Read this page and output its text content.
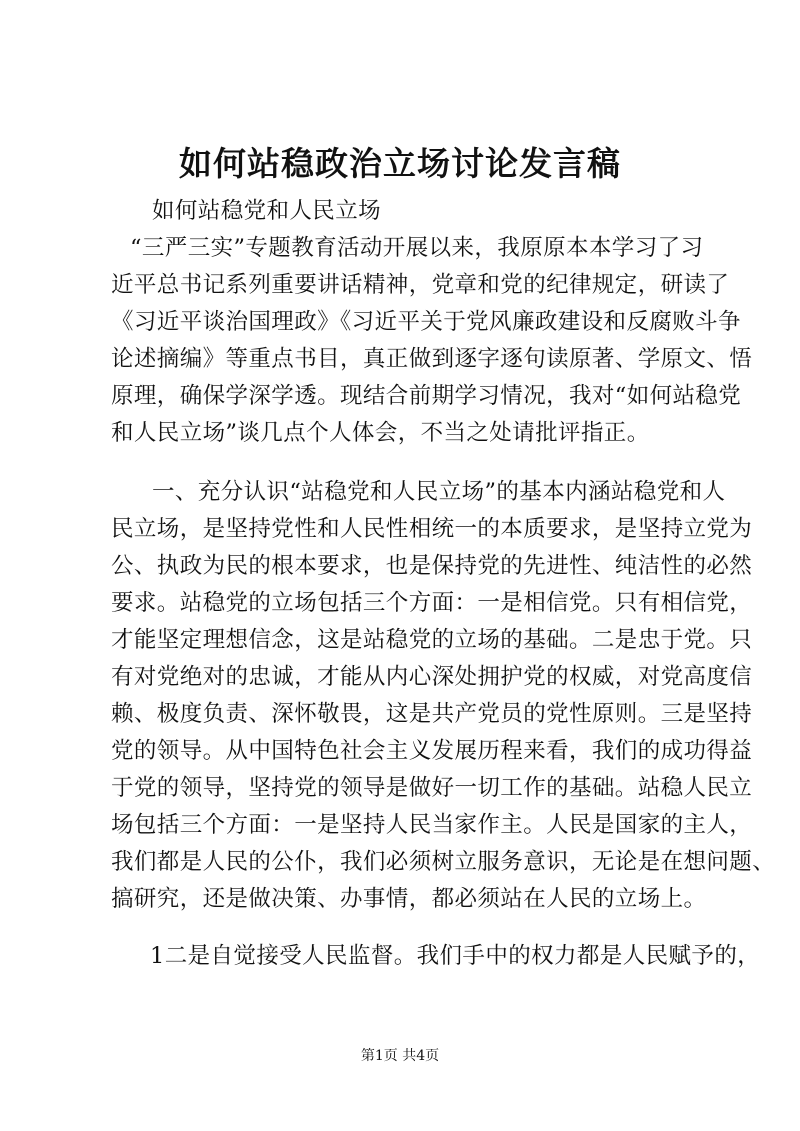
如何站稳政治立场讨论发言稿

如何站稳党和人民立场

“三严三实”专题教育活动开展以来，我原原本本学习了习

近平总书记系列重要讲话精神，党章和党的纪律规定，研读了

《习近平谈治国理政》《习近平关于党风廉政建设和反腐败斗争

论述摘编》等重点书目，真正做到逐字逐句读原著、学原文、悟

原理，确保学深学透。现结合前期学习情况，我对“如何站稳党

和人民立场”谈几点个人体会，不当之处请批评指正。

一、充分认识“站稳党和人民立场”的基本内涵站稳党和人

民立场，是坚持党性和人民性相统一的本质要求，是坚持立党为

公、执政为民的根本要求，也是保持党的先进性、纯洁性的必然

要求。站稳党的立场包括三个方面：一是相信党。只有相信党，

才能坚定理想信念，这是站稳党的立场的基础。二是忠于党。只

有对党绝对的忠诚，才能从内心深处拥护党的权威，对党高度信

赖、极度负责、深怀敬畏，这是共产党员的党性原则。三是坚持

党的领导。从中国特色社会主义发展历程来看，我们的成功得益

于党的领导，坚持党的领导是做好一切工作的基础。站稳人民立

场包括三个方面：一是坚持人民当家作主。人民是国家的主人，

我们都是人民的公仆，我们必须树立服务意识，无论是在想问题、

搞研究，还是做决策、办事情，都必须站在人民的立场上。

1二是自觉接受人民监督。我们手中的权力都是人民赋予的，

第1页 共4页
